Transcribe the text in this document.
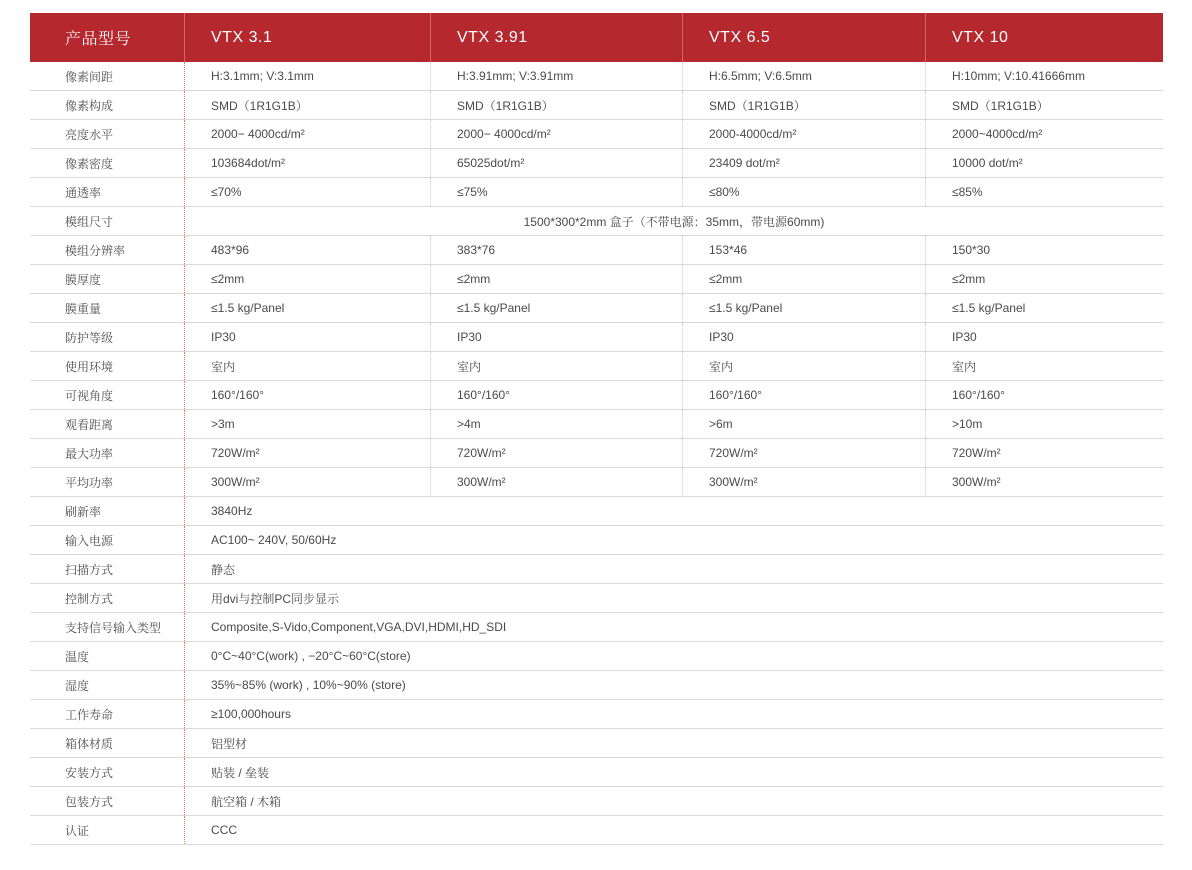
产品型号	VTX 3.1	VTX 3.91	VTX 6.5	VTX 10
像素间距	H:3.1mm; V:3.1mm	H:3.91mm; V:3.91mm	H:6.5mm; V:6.5mm	H:10mm; V:10.41666mm
像素构成	SMD（1R1G1B）	SMD（1R1G1B）	SMD（1R1G1B）	SMD（1R1G1B）
亮度水平	2000− 4000cd/m²	2000− 4000cd/m²	2000-4000cd/m²	2000~4000cd/m²
像素密度	103684dot/m²	65025dot/m²	23409 dot/m²	10000 dot/m²
通透率	≤70%	≤75%	≤80%	≤85%
模组尺寸	1500*300*2mm 盒子（不带电源：35mm，带电源60mm)
模组分辨率	483*96	383*76	153*46	150*30
膜厚度	≤2mm	≤2mm	≤2mm	≤2mm
膜重量	≤1.5 kg/Panel	≤1.5 kg/Panel	≤1.5 kg/Panel	≤1.5 kg/Panel
防护等级	IP30	IP30	IP30	IP30
使用环境	室内	室内	室内	室内
可视角度	160°/160°	160°/160°	160°/160°	160°/160°
观看距离	>3m	>4m	>6m	>10m
最大功率	720W/m²	720W/m²	720W/m²	720W/m²
平均功率	300W/m²	300W/m²	300W/m²	300W/m²
刷新率	3840Hz
输入电源	AC100~ 240V, 50/60Hz
扫描方式	静态
控制方式	用dvi与控制PC同步显示
支持信号输入类型	Composite,S-Vido,Component,VGA,DVI,HDMI,HD_SDI
温度	0°C~40°C(work) , −20°C~60°C(store)
湿度	35%~85% (work) , 10%~90% (store)
工作寿命	≥100,000hours
箱体材质	铝型材
安装方式	贴装 / 垒装
包装方式	航空箱 / 木箱
认证	CCC
